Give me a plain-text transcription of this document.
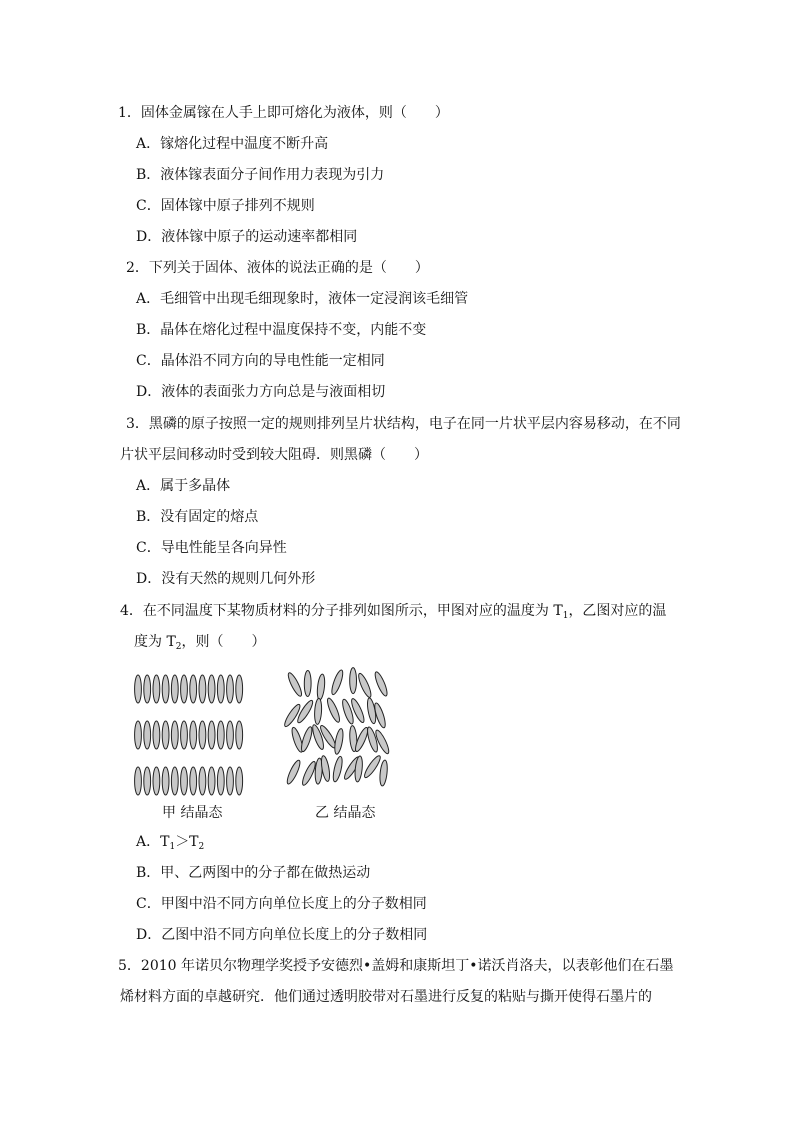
1．固体金属镓在人手上即可熔化为液体，则（　　）
A．镓熔化过程中温度不断升高
B．液体镓表面分子间作用力表现为引力
C．固体镓中原子排列不规则
D．液体镓中原子的运动速率都相同
2．下列关于固体、液体的说法正确的是（　　）
A．毛细管中出现毛细现象时，液体一定浸润该毛细管
B．晶体在熔化过程中温度保持不变，内能不变
C．晶体沿不同方向的导电性能一定相同
D．液体的表面张力方向总是与液面相切
3．黑磷的原子按照一定的规则排列呈片状结构，电子在同一片状平层内容易移动，在不同
片状平层间移动时受到较大阻碍．则黑磷（　　）
A．属于多晶体
B．没有固定的熔点
C．导电性能呈各向异性
D．没有天然的规则几何外形
4．在不同温度下某物质材料的分子排列如图所示，甲图对应的温度为 $T_1$，乙图对应的温
度为 $T_2$，则（　　）
甲 结晶态	乙 结晶态
A．$T_1>T_2$
B．甲、乙两图中的分子都在做热运动
C．甲图中沿不同方向单位长度上的分子数相同
D．乙图中沿不同方向单位长度上的分子数相同
5．2010 年诺贝尔物理学奖授予安德烈•盖姆和康斯坦丁•诺沃肖洛夫，以表彰他们在石墨
烯材料方面的卓越研究．他们通过透明胶带对石墨进行反复的粘贴与撕开使得石墨片的
